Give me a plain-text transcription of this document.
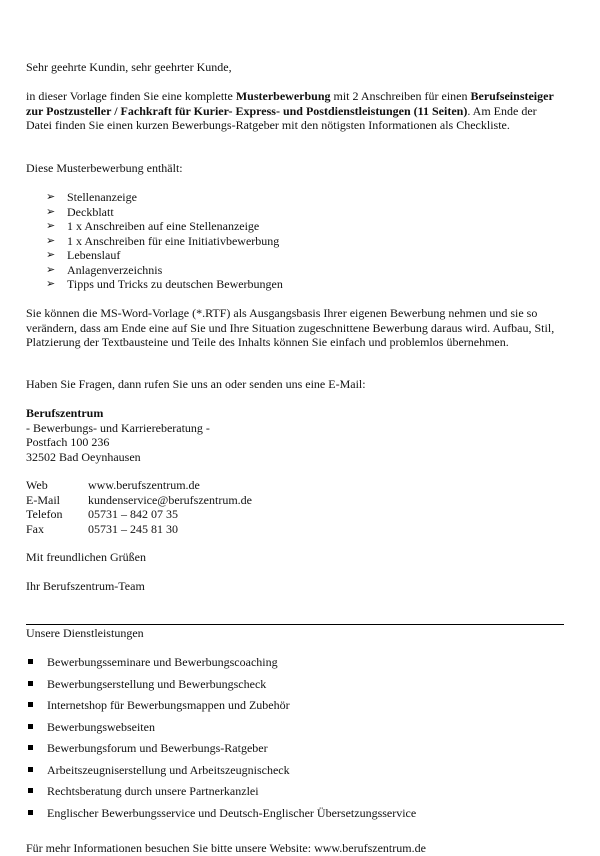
Sehr geehrte Kundin, sehr geehrter Kunde,

in dieser Vorlage finden Sie eine komplette Musterbewerbung mit 2 Anschreiben für einen Berufseinsteiger zur Postzusteller / Fachkraft für Kurier- Express- und Postdienstleistungen (11 Seiten). Am Ende der Datei finden Sie einen kurzen Bewerbungs-Ratgeber mit den nötigsten Informationen als Checkliste.

Diese Musterbewerbung enthält:

➢ Stellenanzeige
➢ Deckblatt
➢ 1 x Anschreiben auf eine Stellenanzeige
➢ 1 x Anschreiben für eine Initiativbewerbung
➢ Lebenslauf
➢ Anlagenverzeichnis
➢ Tipps und Tricks zu deutschen Bewerbungen

Sie können die MS-Word-Vorlage (*.RTF) als Ausgangsbasis Ihrer eigenen Bewerbung nehmen und sie so verändern, dass am Ende eine auf Sie und Ihre Situation zugeschnittene Bewerbung daraus wird. Aufbau, Stil, Platzierung der Textbausteine und Teile des Inhalts können Sie einfach und problemlos übernehmen.

Haben Sie Fragen, dann rufen Sie uns an oder senden uns eine E-Mail:

Berufszentrum

- Bewerbungs- und Karriereberatung -

Postfach 100 236

32502 Bad Oeynhausen

Web	www.berufszentrum.de
E-Mail	kundenservice@berufszentrum.de
Telefon	05731 – 842 07 35
Fax	05731 – 245 81 30

Mit freundlichen Grüßen

Ihr Berufszentrum-Team

Unsere Dienstleistungen

Bewerbungsseminare und Bewerbungscoaching
Bewerbungserstellung und Bewerbungscheck
Internetshop für Bewerbungsmappen und Zubehör
Bewerbungswebseiten
Bewerbungsforum und Bewerbungs-Ratgeber
Arbeitszeugniserstellung und Arbeitszeugnischeck
Rechtsberatung durch unsere Partnerkanzlei
Englischer Bewerbungsservice und Deutsch-Englischer Übersetzungsservice

Für mehr Informationen besuchen Sie bitte unsere Website: www.berufszentrum.de
